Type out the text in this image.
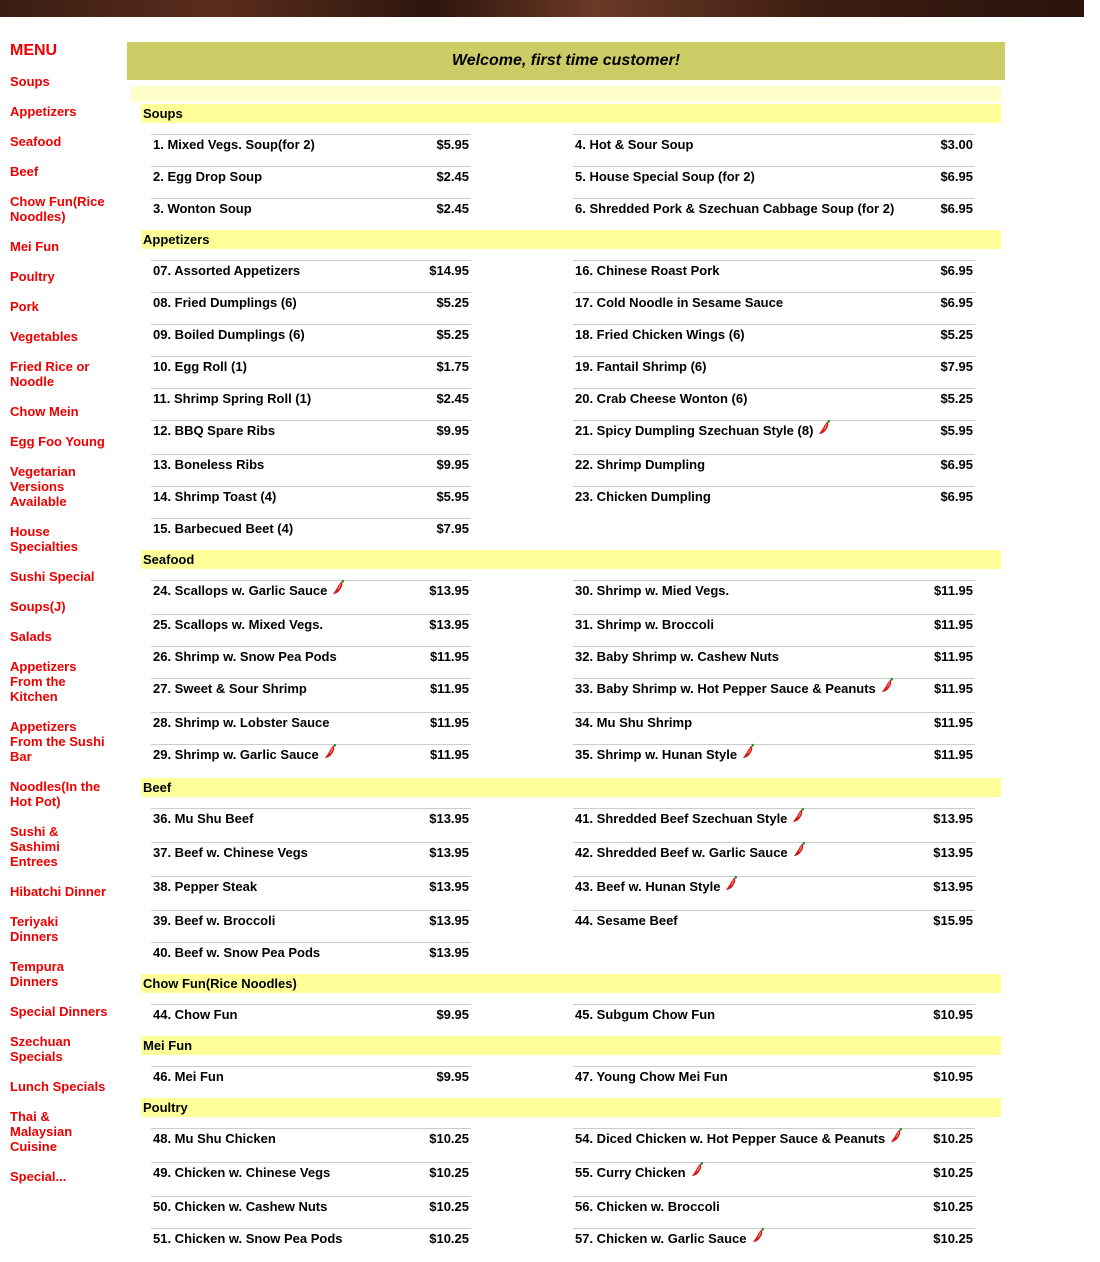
MENU
Soups
Appetizers
Seafood
Beef
Chow Fun(Rice Noodles)
Mei Fun
Poultry
Pork
Vegetables
Fried Rice or Noodle
Chow Mein
Egg Foo Young
Vegetarian Versions Available
House Specialties
Sushi Special
Soups(J)
Salads
Appetizers From the Kitchen
Appetizers From the Sushi Bar
Noodles(In the Hot Pot)
Sushi & Sashimi Entrees
Hibatchi Dinner
Teriyaki Dinners
Tempura Dinners
Special Dinners
Szechuan Specials
Lunch Specials
Thai & Malaysian Cuisine
Special...
Welcome, first time customer!
Soups
1. Mixed Vegs. Soup(for 2)	$5.95
2. Egg Drop Soup	$2.45
3. Wonton Soup	$2.45
4. Hot & Sour Soup	$3.00
5. House Special Soup (for 2)	$6.95
6. Shredded Pork & Szechuan Cabbage Soup (for 2)	$6.95
Appetizers
07. Assorted Appetizers	$14.95
08. Fried Dumplings (6)	$5.25
09. Boiled Dumplings (6)	$5.25
10. Egg Roll (1)	$1.75
11. Shrimp Spring Roll (1)	$2.45
12. BBQ Spare Ribs	$9.95
13. Boneless Ribs	$9.95
14. Shrimp Toast (4)	$5.95
15. Barbecued Beet (4)	$7.95
16. Chinese Roast Pork	$6.95
17. Cold Noodle in Sesame Sauce	$6.95
18. Fried Chicken Wings (6)	$5.25
19. Fantail Shrimp (6)	$7.95
20. Crab Cheese Wonton (6)	$5.25
21. Spicy Dumpling Szechuan Style (8)	$5.95
22. Shrimp Dumpling	$6.95
23. Chicken Dumpling	$6.95
Seafood
24. Scallops w. Garlic Sauce	$13.95
25. Scallops w. Mixed Vegs.	$13.95
26. Shrimp w. Snow Pea Pods	$11.95
27. Sweet & Sour Shrimp	$11.95
28. Shrimp w. Lobster Sauce	$11.95
29. Shrimp w. Garlic Sauce	$11.95
30. Shrimp w. Mied Vegs.	$11.95
31. Shrimp w. Broccoli	$11.95
32. Baby Shrimp w. Cashew Nuts	$11.95
33. Baby Shrimp w. Hot Pepper Sauce & Peanuts	$11.95
34. Mu Shu Shrimp	$11.95
35. Shrimp w. Hunan Style	$11.95
Beef
36. Mu Shu Beef	$13.95
37. Beef w. Chinese Vegs	$13.95
38. Pepper Steak	$13.95
39. Beef w. Broccoli	$13.95
40. Beef w. Snow Pea Pods	$13.95
41. Shredded Beef Szechuan Style	$13.95
42. Shredded Beef w. Garlic Sauce	$13.95
43. Beef w. Hunan Style	$13.95
44. Sesame Beef	$15.95
Chow Fun(Rice Noodles)
44. Chow Fun	$9.95	45. Subgum Chow Fun	$10.95
Mei Fun
46. Mei Fun	$9.95	47. Young Chow Mei Fun	$10.95
Poultry
48. Mu Shu Chicken	$10.25
49. Chicken w. Chinese Vegs	$10.25
50. Chicken w. Cashew Nuts	$10.25
51. Chicken w. Snow Pea Pods	$10.25
54. Diced Chicken w. Hot Pepper Sauce & Peanuts	$10.25
55. Curry Chicken	$10.25
56. Chicken w. Broccoli	$10.25
57. Chicken w. Garlic Sauce	$10.25
